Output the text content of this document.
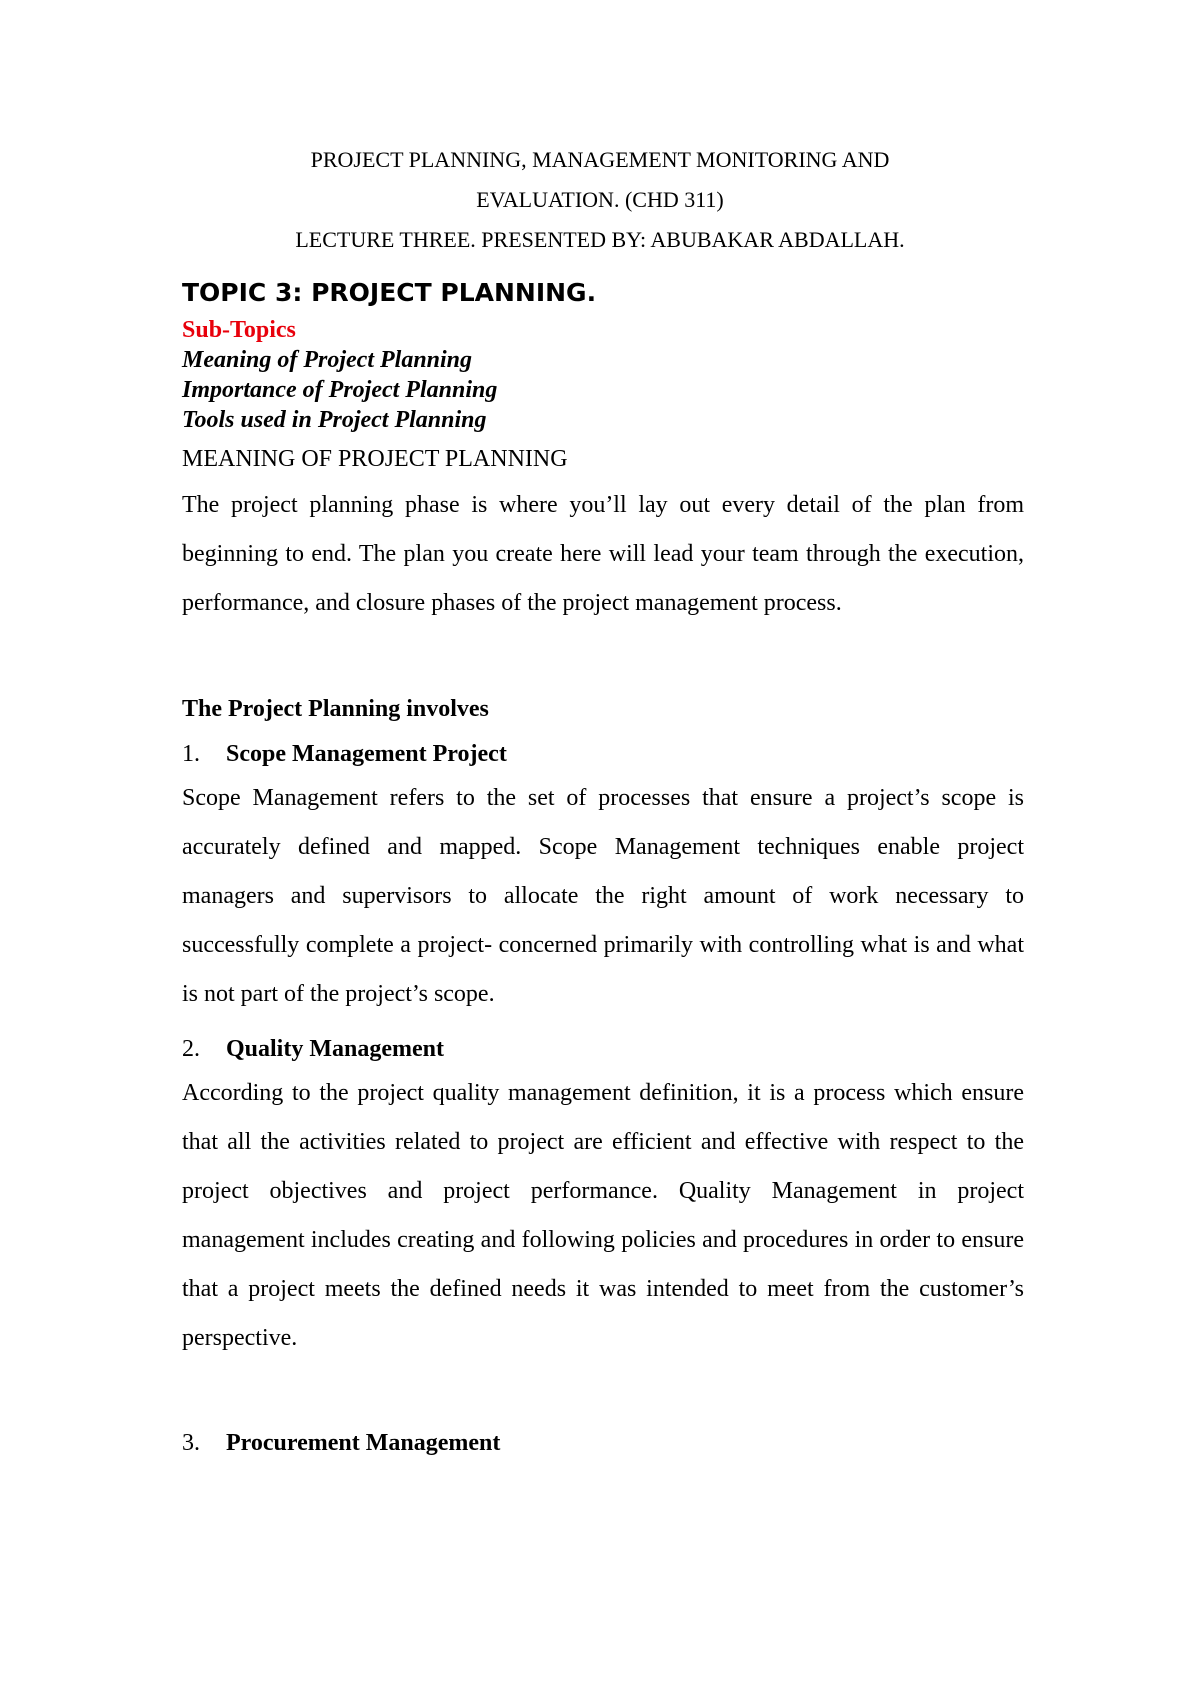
PROJECT PLANNING, MANAGEMENT MONITORING AND
EVALUATION. (CHD 311)
LECTURE THREE. PRESENTED BY: ABUBAKAR ABDALLAH.
TOPIC 3: PROJECT PLANNING.
Sub-Topics
Meaning of Project Planning
Importance of Project Planning
Tools used in Project Planning
MEANING OF PROJECT PLANNING

The project planning phase is where you’ll lay out every detail of the plan from beginning to end. The plan you create here will lead your team through the execution, performance, and closure phases of the project management process.

The Project Planning involves
1. Scope Management Project

Scope Management refers to the set of processes that ensure a project’s scope is accurately defined and mapped. Scope Management techniques enable project managers and supervisors to allocate the right amount of work necessary to successfully complete a project- concerned primarily with controlling what is and what is not part of the project’s scope.

2. Quality Management

According to the project quality management definition, it is a process which ensure that all the activities related to project are efficient and effective with respect to the project objectives and project performance. Quality Management in project management includes creating and following policies and procedures in order to ensure that a project meets the defined needs it was intended to meet from the customer’s perspective.

3. Procurement Management
